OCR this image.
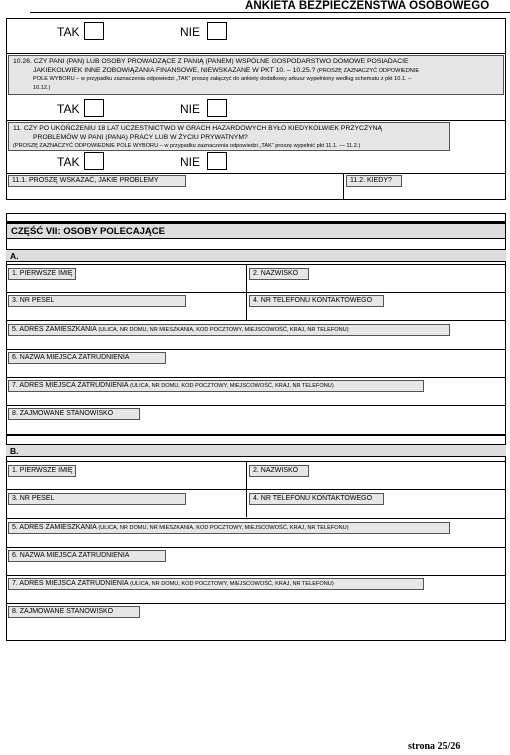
ANKIETA BEZPIECZEŃSTWA OSOBOWEGO
TAK	NIE
10.26. CZY PANI (PAN) LUB OSOBY PROWADZĄCE Z PANIĄ (PANEM) WSPÓLNE GOSPODARSTWO DOMOWE POSIADACIE
JAKIEKOLWIEK INNE ZOBOWIĄZANIA FINANSOWE, NIEWSKAZANE W PKT 10. – 10.25.? (PROSZĘ ZAZNACZYĆ ODPOWIEDNIE
POLE WYBORU – w przypadku zaznaczenia odpowiedzi „TAK” proszę załączyć do ankiety dodatkowy arkusz wypełniony według schematu z pkt 10.1. –
10.12.)
TAK	NIE
11. CZY PO UKOŃCZENIU 18 LAT UCZESTNICTWO W GRACH HAZARDOWYCH BYŁO KIEDYKOLWIEK PRZYCZYNĄ
PROBLEMÓW W PANI (PANA) PRACY LUB W ŻYCIU PRYWATNYM?
(PROSZĘ ZAZNACZYĆ ODPOWIEDNIE POLE WYBORU – w przypadku zaznaczenia odpowiedzi „TAK” proszę wypełnić pkt 11.1. — 11.2.)
TAK	NIE
11.1. PROSZĘ WSKAZAĆ, JAKIE PROBLEMY	11.2. KIEDY?
CZĘŚĆ VII: OSOBY POLECAJĄCE
A.
1. PIERWSZE IMIĘ	2. NAZWISKO
3. NR PESEL	4. NR TELEFONU KONTAKTOWEGO
5. ADRES ZAMIESZKANIA (ULICA, NR DOMU, NR MIESZKANIA, KOD POCZTOWY, MIEJSCOWOŚĆ, KRAJ, NR TELEFONU)
6. NAZWA MIEJSCA ZATRUDNIENIA
7. ADRES MIEJSCA ZATRUDNIENIA (ULICA, NR DOMU, KOD POCZTOWY, MIEJSCOWOŚĆ, KRAJ, NR TELEFONU)
8. ZAJMOWANE STANOWISKO
B.
1. PIERWSZE IMIĘ	2. NAZWISKO
3. NR PESEL	4. NR TELEFONU KONTAKTOWEGO
5. ADRES ZAMIESZKANIA (ULICA, NR DOMU, NR MIESZKANIA, KOD POCZTOWY, MIEJSCOWOŚĆ, KRAJ, NR TELEFONU)
6. NAZWA MIEJSCA ZATRUDNIENIA
7. ADRES MIEJSCA ZATRUDNIENIA (ULICA, NR DOMU, KOD POCZTOWY, MIEJSCOWOŚĆ, KRAJ, NR TELEFONU)
8. ZAJMOWANE STANOWISKO
strona 25/26
